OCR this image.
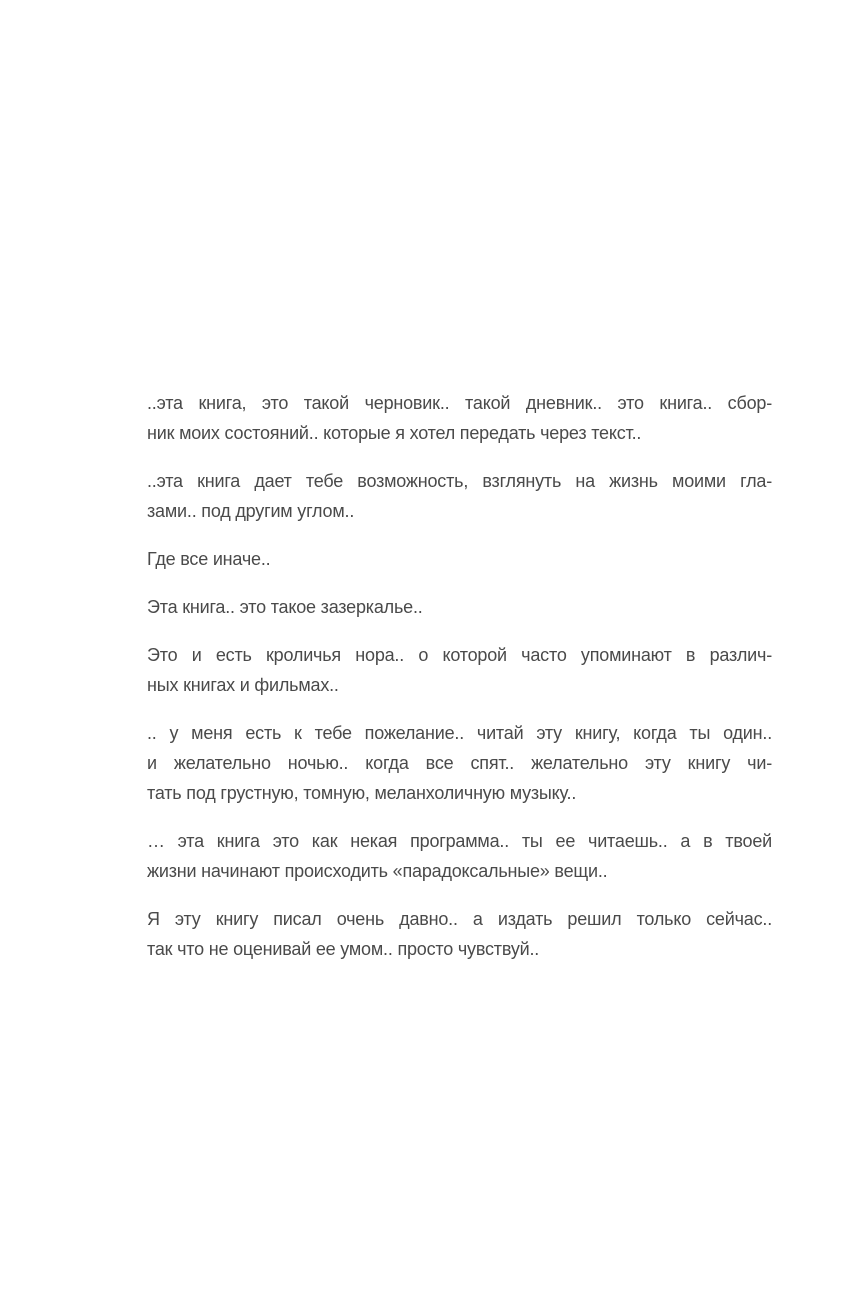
..эта книга, это такой черновик.. такой дневник.. это книга.. сбор-
ник моих состояний.. которые я хотел передать через текст..
..эта книга дает тебе возможность, взглянуть на жизнь моими гла-
зами.. под другим углом..
Где все иначе..
Эта книга.. это такое зазеркалье..
Это и есть кроличья нора.. о которой часто упоминают в различ-
ных книгах и фильмах..
.. у меня есть к тебе пожелание.. читай эту книгу, когда ты один..
и желательно ночью.. когда все спят.. желательно эту книгу чи-
тать под грустную, томную, меланхоличную музыку..
… эта книга это как некая программа.. ты ее читаешь.. а в твоей
жизни начинают происходить «парадоксальные» вещи..
Я эту книгу писал очень давно.. а издать решил только сейчас..
так что не оценивай ее умом.. просто чувствуй..
